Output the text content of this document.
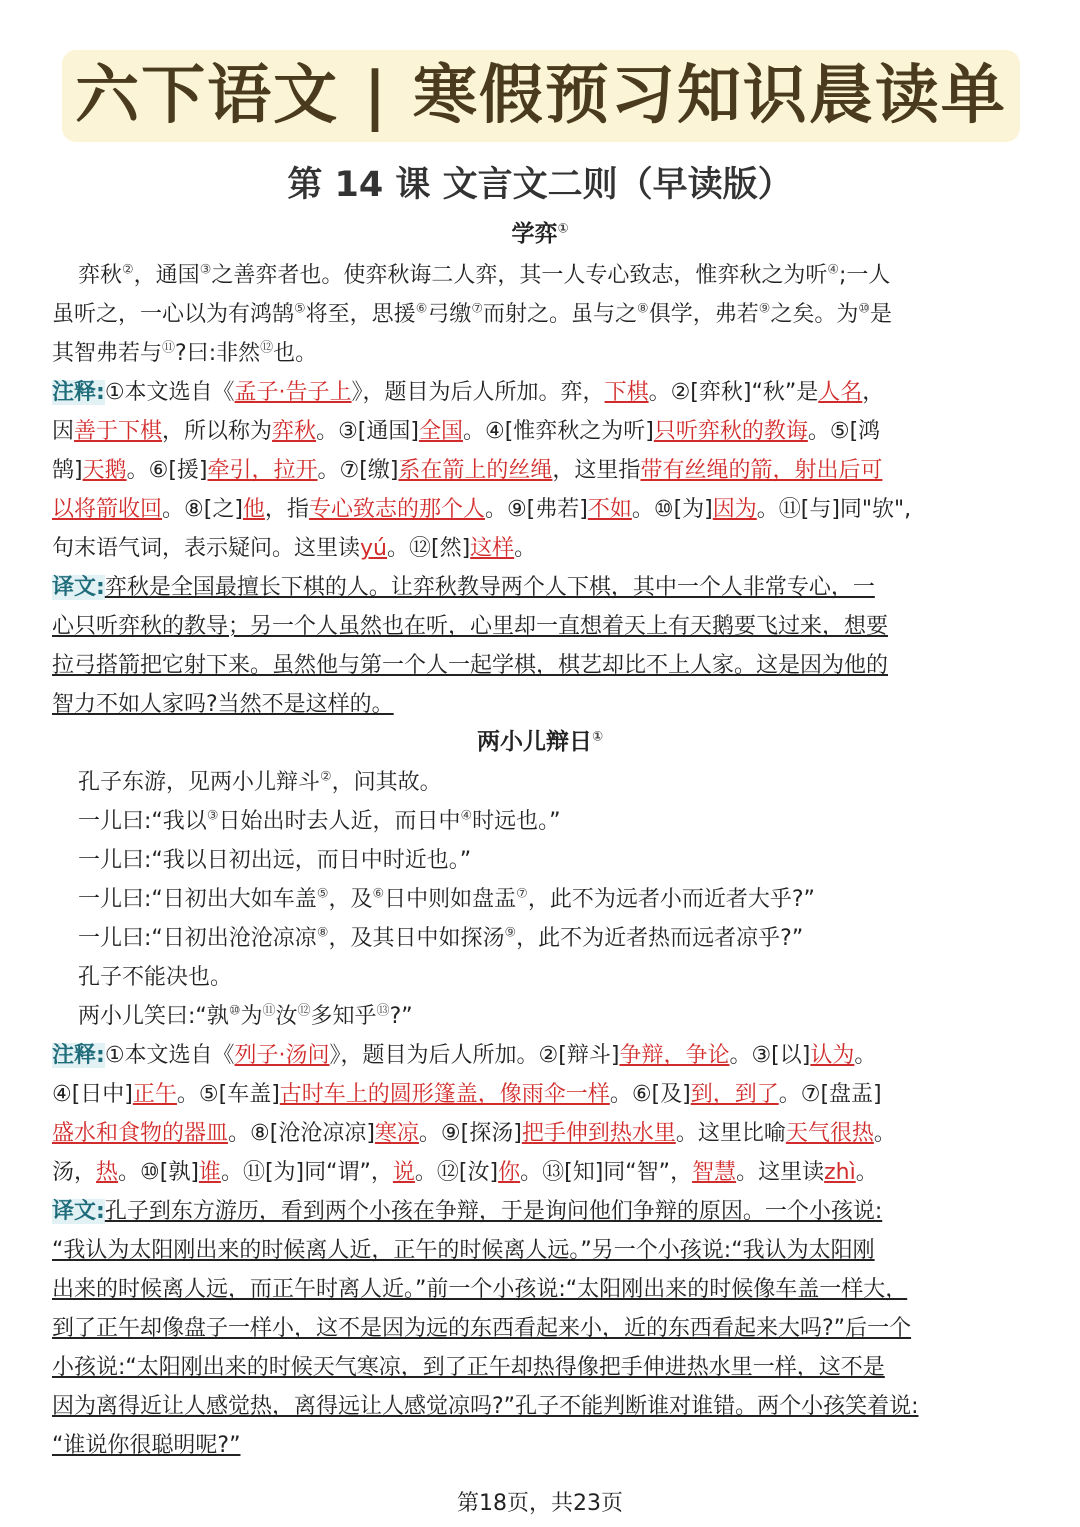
六下语文 | 寒假预习知识晨读单
第 14 课 文言文二则（早读版）
学弈①

弈秋②，通国③之善弈者也。使弈秋诲二人弈，其一人专心致志，惟弈秋之为听④;一人

虽听之，一心以为有鸿鹄⑤将至，思援⑥弓缴⑦而射之。虽与之⑧俱学，弗若⑨之矣。为⑩是

其智弗若与⑪?曰:非然⑫也。

注释:①本文选自《孟子·告子上》，题目为后人所加。弈，下棋。②[弈秋]“秋”是人名，

因善于下棋，所以称为弈秋。③[通国]全国。④[惟弈秋之为听]只听弈秋的教诲。⑤[鸿

鹄]天鹅。⑥[援]牵引，拉开。⑦[缴]系在箭上的丝绳，这里指带有丝绳的箭，射出后可

以将箭收回。⑧[之]他，指专心致志的那个人。⑨[弗若]不如。⑩[为]因为。⑪[与]同"欤",

句末语气词，表示疑问。这里读yú。⑫[然]这样。

译文:弈秋是全国最擅长下棋的人。让弈秋教导两个人下棋，其中一个人非常专心，一

心只听弈秋的教导；另一个人虽然也在听，心里却一直想着天上有天鹅要飞过来，想要

拉弓搭箭把它射下来。虽然他与第一个人一起学棋，棋艺却比不上人家。这是因为他的

智力不如人家吗?当然不是这样的。

两小儿辩日①

孔子东游，见两小儿辩斗②，问其故。

一儿曰:“我以③日始出时去人近，而日中④时远也。”

一儿曰:“我以日初出远，而日中时近也。”

一儿曰:“日初出大如车盖⑤，及⑥日中则如盘盂⑦，此不为远者小而近者大乎?”

一儿曰:“日初出沧沧凉凉⑧，及其日中如探汤⑨，此不为近者热而远者凉乎?”

孔子不能决也。

两小儿笑曰:“孰⑩为⑪汝⑫多知乎⑬?”

注释:①本文选自《列子·汤问》，题目为后人所加。②[辩斗]争辩，争论。③[以]认为。

④[日中]正午。⑤[车盖]古时车上的圆形篷盖，像雨伞一样。⑥[及]到，到了。⑦[盘盂]

盛水和食物的器皿。⑧[沧沧凉凉]寒凉。⑨[探汤]把手伸到热水里。这里比喻天气很热。

汤，热。⑩[孰]谁。⑪[为]同“谓”，说。⑫[汝]你。⑬[知]同“智”，智慧。这里读zhì。

译文:孔子到东方游历，看到两个小孩在争辩，于是询问他们争辩的原因。一个小孩说:

“我认为太阳刚出来的时候离人近，正午的时候离人远。”另一个小孩说:“我认为太阳刚

出来的时候离人远，而正午时离人近。”前一个小孩说:“太阳刚出来的时候像车盖一样大，

到了正午却像盘子一样小，这不是因为远的东西看起来小，近的东西看起来大吗?”后一个

小孩说:“太阳刚出来的时候天气寒凉，到了正午却热得像把手伸进热水里一样，这不是

因为离得近让人感觉热，离得远让人感觉凉吗?”孔子不能判断谁对谁错。两个小孩笑着说:

“谁说你很聪明呢?”

第18页，共23页
